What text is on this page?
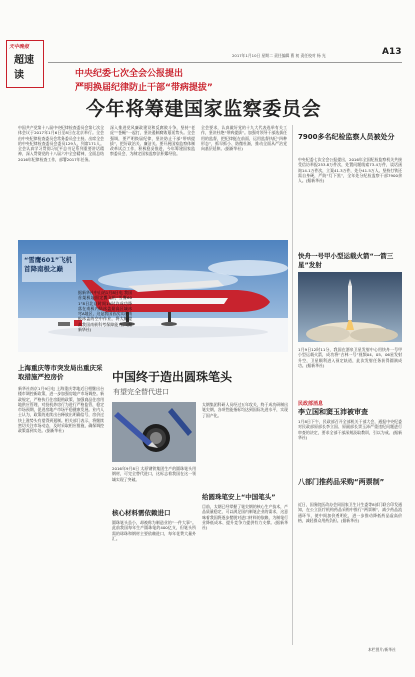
天中晚报
超速读
2017年1月10日 星期二 责任编辑 曹 初 责任校对 杨 光	A13
中央纪委七次全会公报提出
严明换届纪律防止干部“带病提拔”
今年将筹建国家监察委员会
中国共产党第十八届中央纪律检查委员会第七次全体会议于2017年1月6日至8日在北京举行。全会由中央纪律检查委员会常务委员会主持。出席全会的中央纪律检查委员会委员129人，列席171人。全会认真学习贯彻习近平总书记系列重要讲话精神，深入贯彻党的十八届六中全会精神，全面总结2016年纪律检查工作，部署2017年任务。
深入推进党风廉政建设和反腐败斗争，坚持“老虎”“苍蝇”一起打，坚决遏制腐败蔓延势头。全会强调，要严明换届纪律，坚决防止干部“带病提拔”，把好政治关、廉洁关。要开展国家监察体制改革试点工作，积极稳妥推进，今年筹建国家监察委员会，为制定国家监察法积累经验。
全会要求，认真做好党的十九大代表选举有关工作，坚决杜绝“带病提拔”。加强对领导干部选拔任用的监督，把纪律挺在前面，运用监督执纪“四种形态”，抓早抓小、防微杜渐，推动全面从严治党向基层延伸。(据新华社)
7900多名纪检监察人员被处分
中央纪委七次全会公报提出，2016年全国纪检监察机关共接受信访举报253.8万件次，处置问题线索73.4万件，谈话函询14.1万件次，立案41.3万件，处分41.5万人。坚持打铁还需自身硬，严防“灯下黑”，全年处分纪检监察干部7900余人。(据新华社)
快舟一号甲小型运载火箭“一箭三星”发射
1月9日12时11分，我国在酒泉卫星发射中心用快舟一号甲小型运载火箭，成功将“吉林一号”视频04、05、06星发射升空，卫星顺利进入预定轨道，此次发射任务获得圆满成功。(据新华社)
民政部消息
李立国和窦玉沛被审查
1月8日下午，民政部召开全部机关干部大会，通报中央纪委对民政部原部长李立国、原副部长窦玉沛严重违纪问题进行审查的决定，要求全部干部深刻汲取教训，引以为戒。(据新华社)
八部门推药品采购“两票制”
近日，国务院医改办会同国家卫生计生委等8部门联合印发通知，在公立医疗机构药品采购中推行“两票制”，减少药品流通环节，使中间加价透明化，进一步推动降低药品虚高价格，减轻群众用药负担。(据新华社)
本栏图片/新华社
“雪鹰601”飞机首降南极之巅
据新华社中山站1月8日电 我国首架极地固定翼飞机“雪鹰601”8日北京时间19时许成功降落在南极内陆冰盖最高区域冰穹A地区，这是我国首次实现南极冰盖的空中作业，将大幅提高我国南极科考保障能力。(据新华社)
上海重庆等市突发局出重庆采取措施严控房价
新华社南京1月9日电 上海重庆等地近日相继出台楼市调控新政策，进一步加强房地产市场调控。新政规定，严格执行住房限购政策，加强商品住房用地供应管理，对投机炒房行为进行严格监管，稳定市场预期，促进房地产市场平稳健康发展。业内人士认为，政策的连续出台释放出明确信号，房价过快上涨势头有望得到遏制。相关部门表示，将继续密切关注市场动态，及时采取相应措施，确保调控政策落到实处。(据新华社)
中国终于造出圆珠笔头
有望完全替代进口
2016年9月8日 太原钢铁集团生产的圆珠笔头用钢材，可完全替代进口，这标志着我国在这一领域实现了突破。
核心材料需依赖进口
圆珠笔头虽小，却被称为制造业的“一件大事”。此前我国每年生产圆珠笔约400亿支，但笔头所需的球珠和钢材主要依赖进口，每年花费大量外汇。
太钢集团科研人员经过五年攻关，终于成功研制出笔尖钢，各项性能指标均达到国际先进水平，实现了国产化。
给圆珠笔安上“中国笔头”
目前，太钢已经掌握了笔尖钢的核心生产技术，产品质量稳定，可以满足国内制笔企业的需求，这意味着我国将逐步摆脱对进口材料的依赖，为制笔行业降低成本、提升竞争力提供有力支撑。(据新华社)
